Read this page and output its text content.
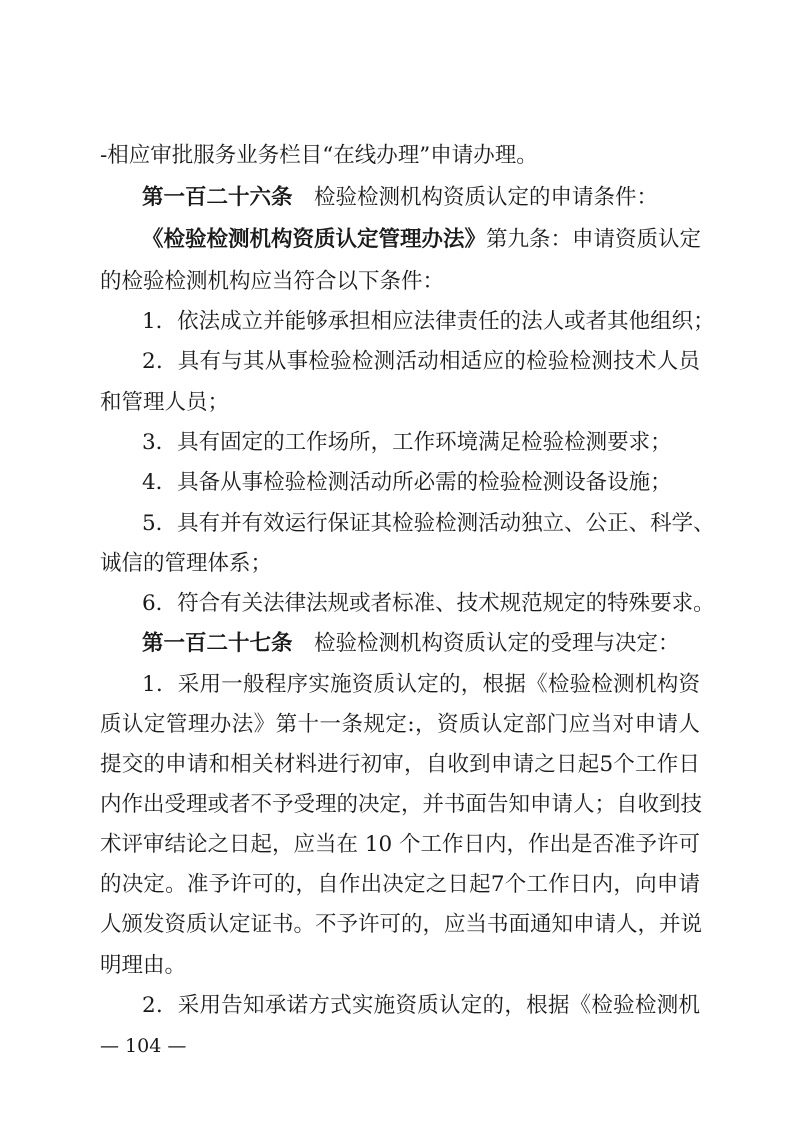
-相应审批服务业务栏目“在线办理”申请办理。
第一百二十六条　检验检测机构资质认定的申请条件：
《检验检测机构资质认定管理办法》第九条：申请资质认定
的检验检测机构应当符合以下条件：
1．依法成立并能够承担相应法律责任的法人或者其他组织；
2．具有与其从事检验检测活动相适应的检验检测技术人员
和管理人员；
3．具有固定的工作场所，工作环境满足检验检测要求；
4．具备从事检验检测活动所必需的检验检测设备设施；
5．具有并有效运行保证其检验检测活动独立、公正、科学、
诚信的管理体系；
6．符合有关法律法规或者标准、技术规范规定的特殊要求。
第一百二十七条　检验检测机构资质认定的受理与决定：
1．采用一般程序实施资质认定的，根据《检验检测机构资
质认定管理办法》第十一条规定:，资质认定部门应当对申请人
提交的申请和相关材料进行初审，自收到申请之日起5个工作日
内作出受理或者不予受理的决定，并书面告知申请人；自收到技
术评审结论之日起，应当在 10 个工作日内，作出是否准予许可
的决定。准予许可的，自作出决定之日起7个工作日内，向申请
人颁发资质认定证书。不予许可的，应当书面通知申请人，并说
明理由。
2．采用告知承诺方式实施资质认定的，根据《检验检测机
— 104 —
